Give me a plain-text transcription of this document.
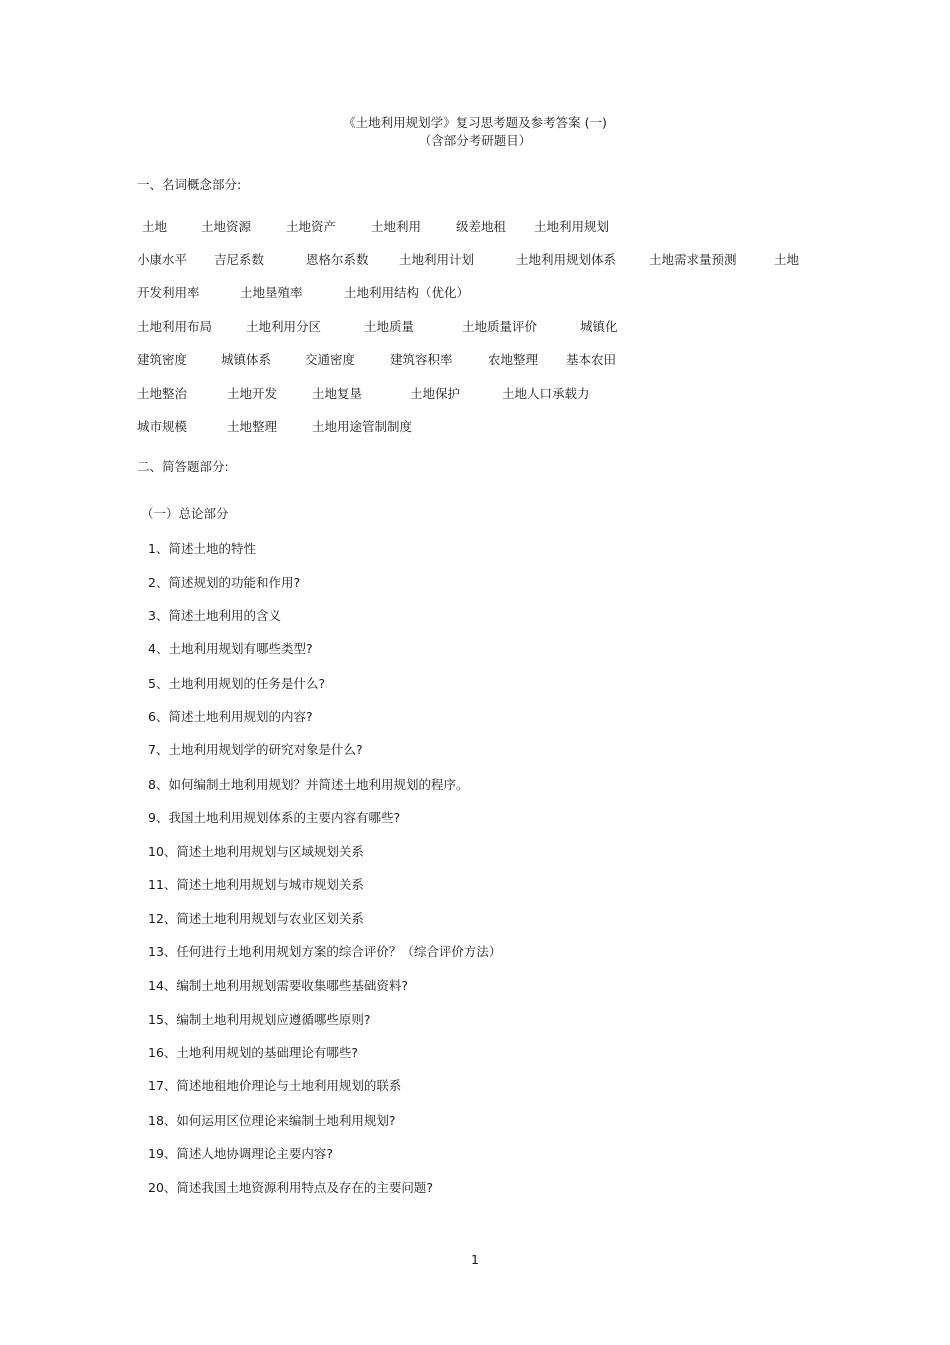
《土地利用规划学》复习思考题及参考答案 (一)
（含部分考研题目）
一、名词概念部分:
土地	土地资源	土地资产	土地利用	级差地租 土地利用规划
小康水平 吉尼系数	恩格尔系数 土地利用计划	土地利用规划体系	土地需求量预测	土地
开发利用率	土地垦殖率	土地利用结构（优化）
土地利用布局	土地利用分区	土地质量	土地质量评价	城镇化
建筑密度	城镇体系	交通密度	建筑容积率	农地整理 基本农田
土地整治	土地开发	土地复垦	土地保护	土地人口承载力
城市规模	土地整理	土地用途管制制度
二、简答题部分:
（一）总论部分
1、简述土地的特性
2、简述规划的功能和作用?
3、简述土地利用的含义
4、土地利用规划有哪些类型?
5、土地利用规划的任务是什么?
6、简述土地利用规划的内容?
7、土地利用规划学的研究对象是什么?
8、如何编制土地利用规划？并简述土地利用规划的程序。
9、我国土地利用规划体系的主要内容有哪些?
10、简述土地利用规划与区域规划关系
11、简述土地利用规划与城市规划关系
12、简述土地利用规划与农业区划关系
13、任何进行土地利用规划方案的综合评价？（综合评价方法）
14、编制土地利用规划需要收集哪些基础资料?
15、编制土地利用规划应遵循哪些原则?
16、土地利用规划的基础理论有哪些?
17、简述地租地价理论与土地利用规划的联系
18、如何运用区位理论来编制土地利用规划?
19、简述人地协调理论主要内容?
20、简述我国土地资源利用特点及存在的主要问题?
1
